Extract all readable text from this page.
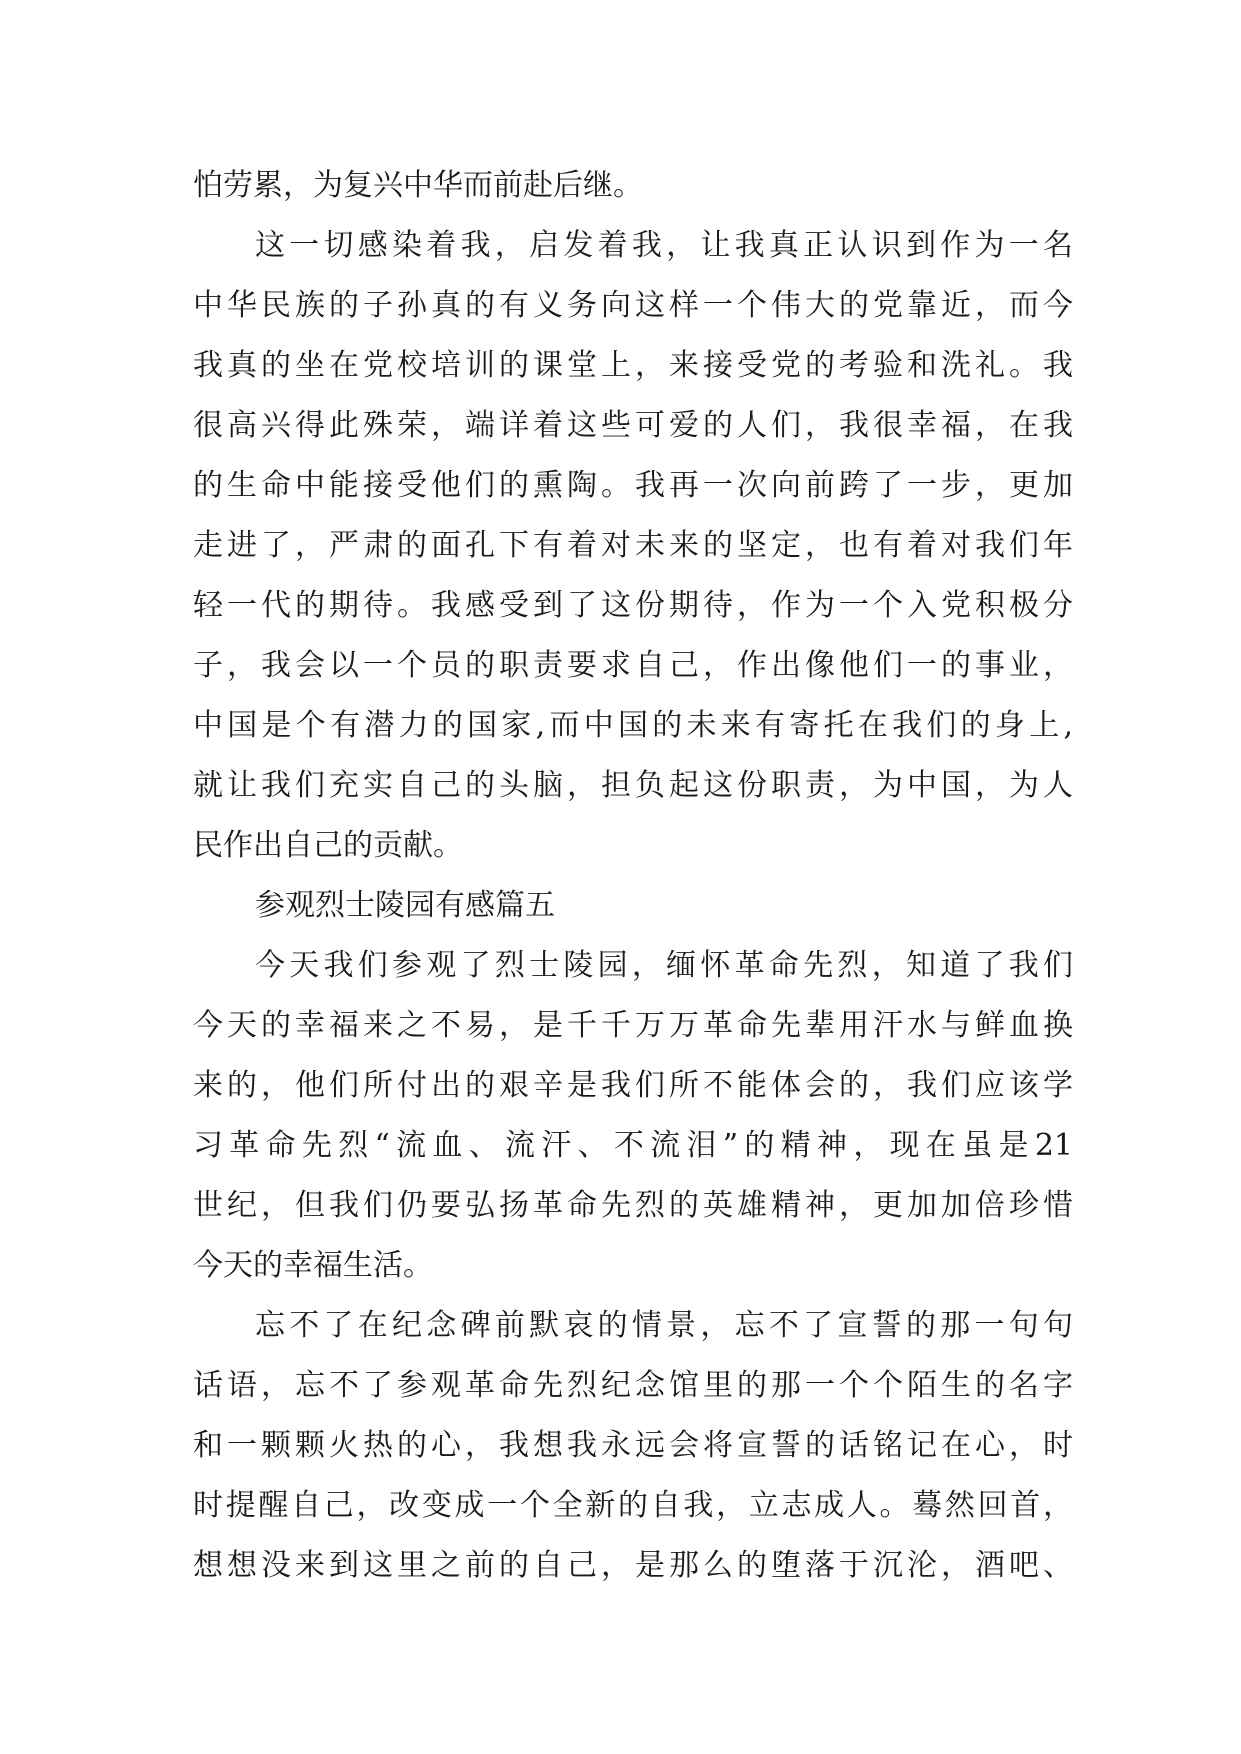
怕劳累，为复兴中华而前赴后继。
这一切感染着我，启发着我，让我真正认识到作为一名
中华民族的子孙真的有义务向这样一个伟大的党靠近，而今
我真的坐在党校培训的课堂上，来接受党的考验和洗礼。我
很高兴得此殊荣，端详着这些可爱的人们，我很幸福，在我
的生命中能接受他们的熏陶。我再一次向前跨了一步，更加
走进了，严肃的面孔下有着对未来的坚定，也有着对我们年
轻一代的期待。我感受到了这份期待，作为一个入党积极分
子，我会以一个员的职责要求自己，作出像他们一的事业，
中国是个有潜力的国家,而中国的未来有寄托在我们的身上,
就让我们充实自己的头脑，担负起这份职责，为中国，为人
民作出自己的贡献。
参观烈士陵园有感篇五
今天我们参观了烈士陵园，缅怀革命先烈，知道了我们
今天的幸福来之不易，是千千万万革命先辈用汗水与鲜血换
来的，他们所付出的艰辛是我们所不能体会的，我们应该学
习革命先烈“流血、流汗、不流泪”的精神，现在虽是21
世纪，但我们仍要弘扬革命先烈的英雄精神，更加加倍珍惜
今天的幸福生活。
忘不了在纪念碑前默哀的情景，忘不了宣誓的那一句句
话语，忘不了参观革命先烈纪念馆里的那一个个陌生的名字
和一颗颗火热的心，我想我永远会将宣誓的话铭记在心，时
时提醒自己，改变成一个全新的自我，立志成人。蓦然回首，
想想没来到这里之前的自己，是那么的堕落于沉沦，酒吧、
